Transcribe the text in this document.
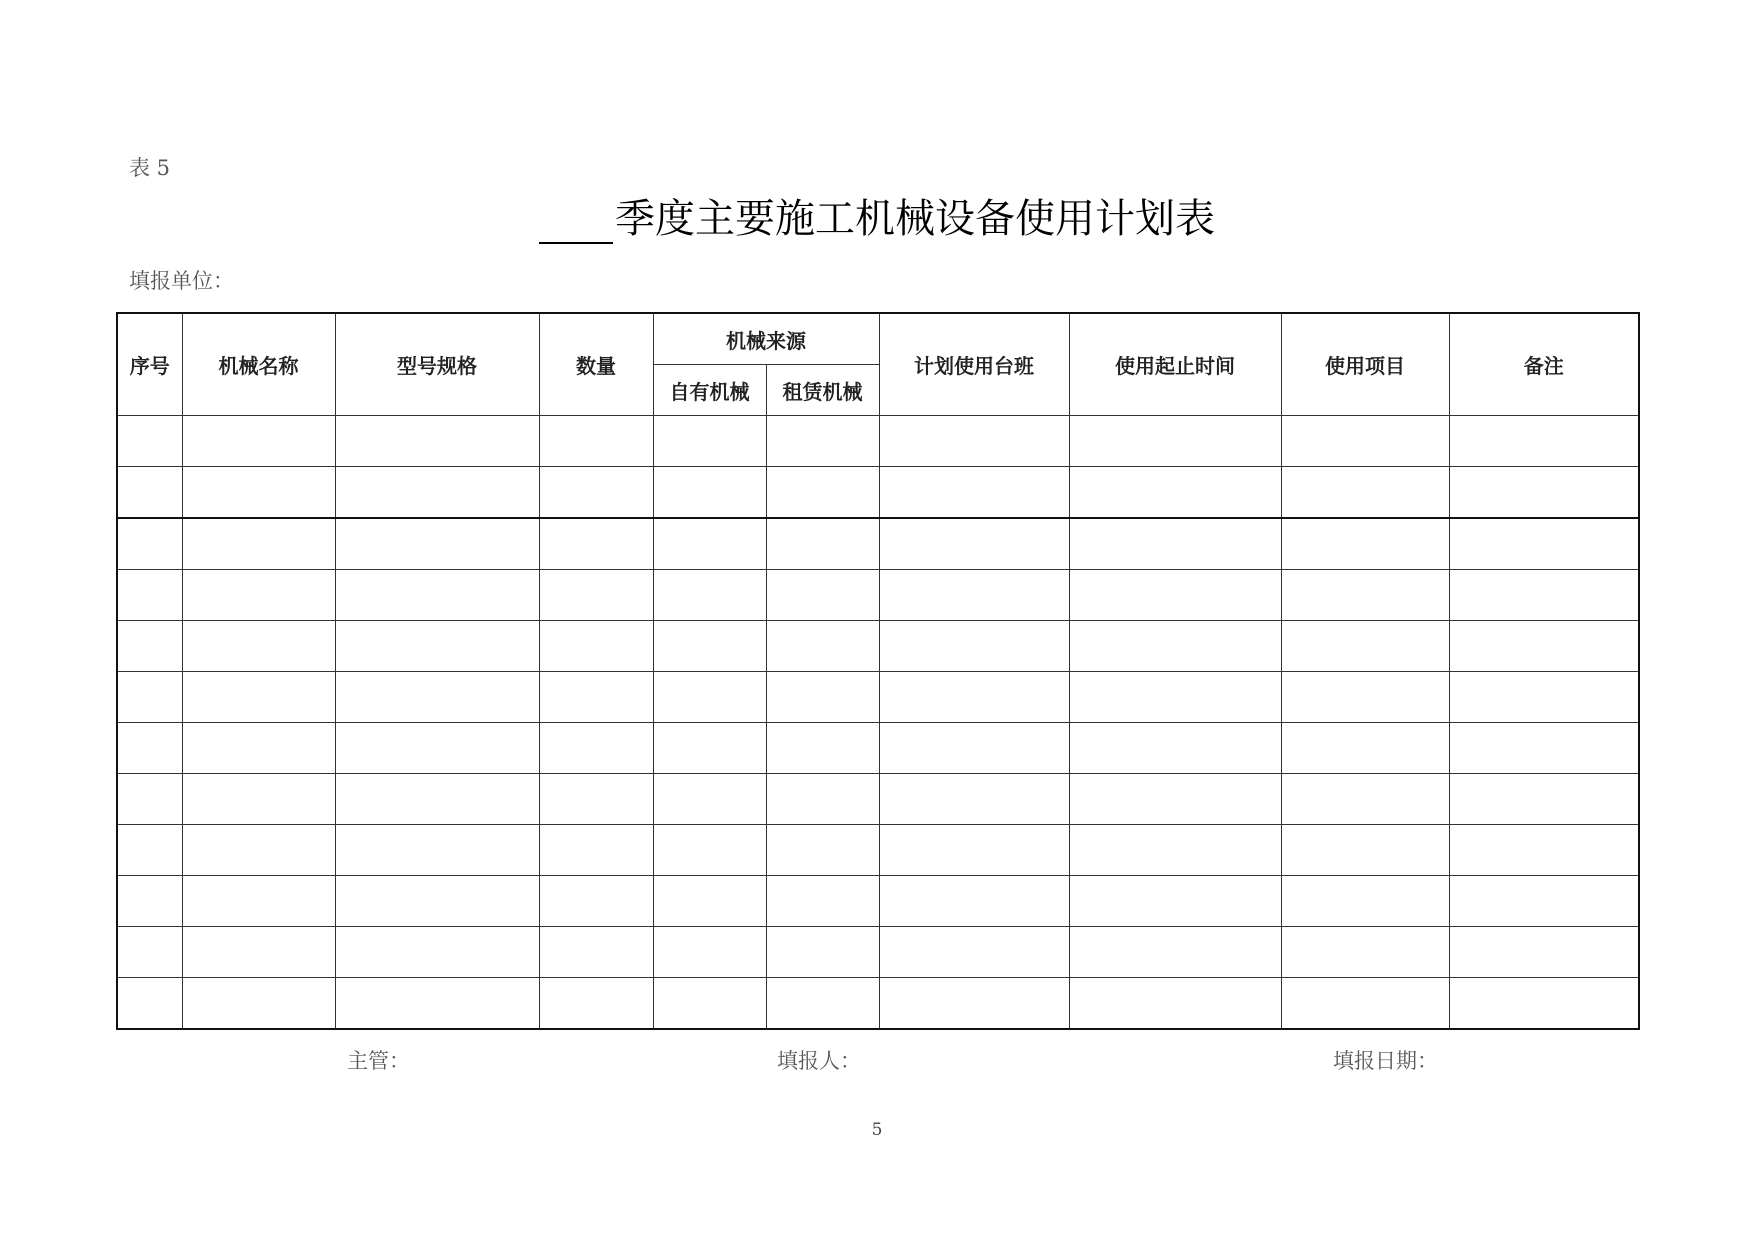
表 5
季度主要施工机械设备使用计划表
填报单位：
序号	机械名称	型号规格	数量	机械来源		计划使用台班	使用起止时间	使用项目	备注
				自有机械	租赁机械				

主管：	填报人：	填报日期：
5
